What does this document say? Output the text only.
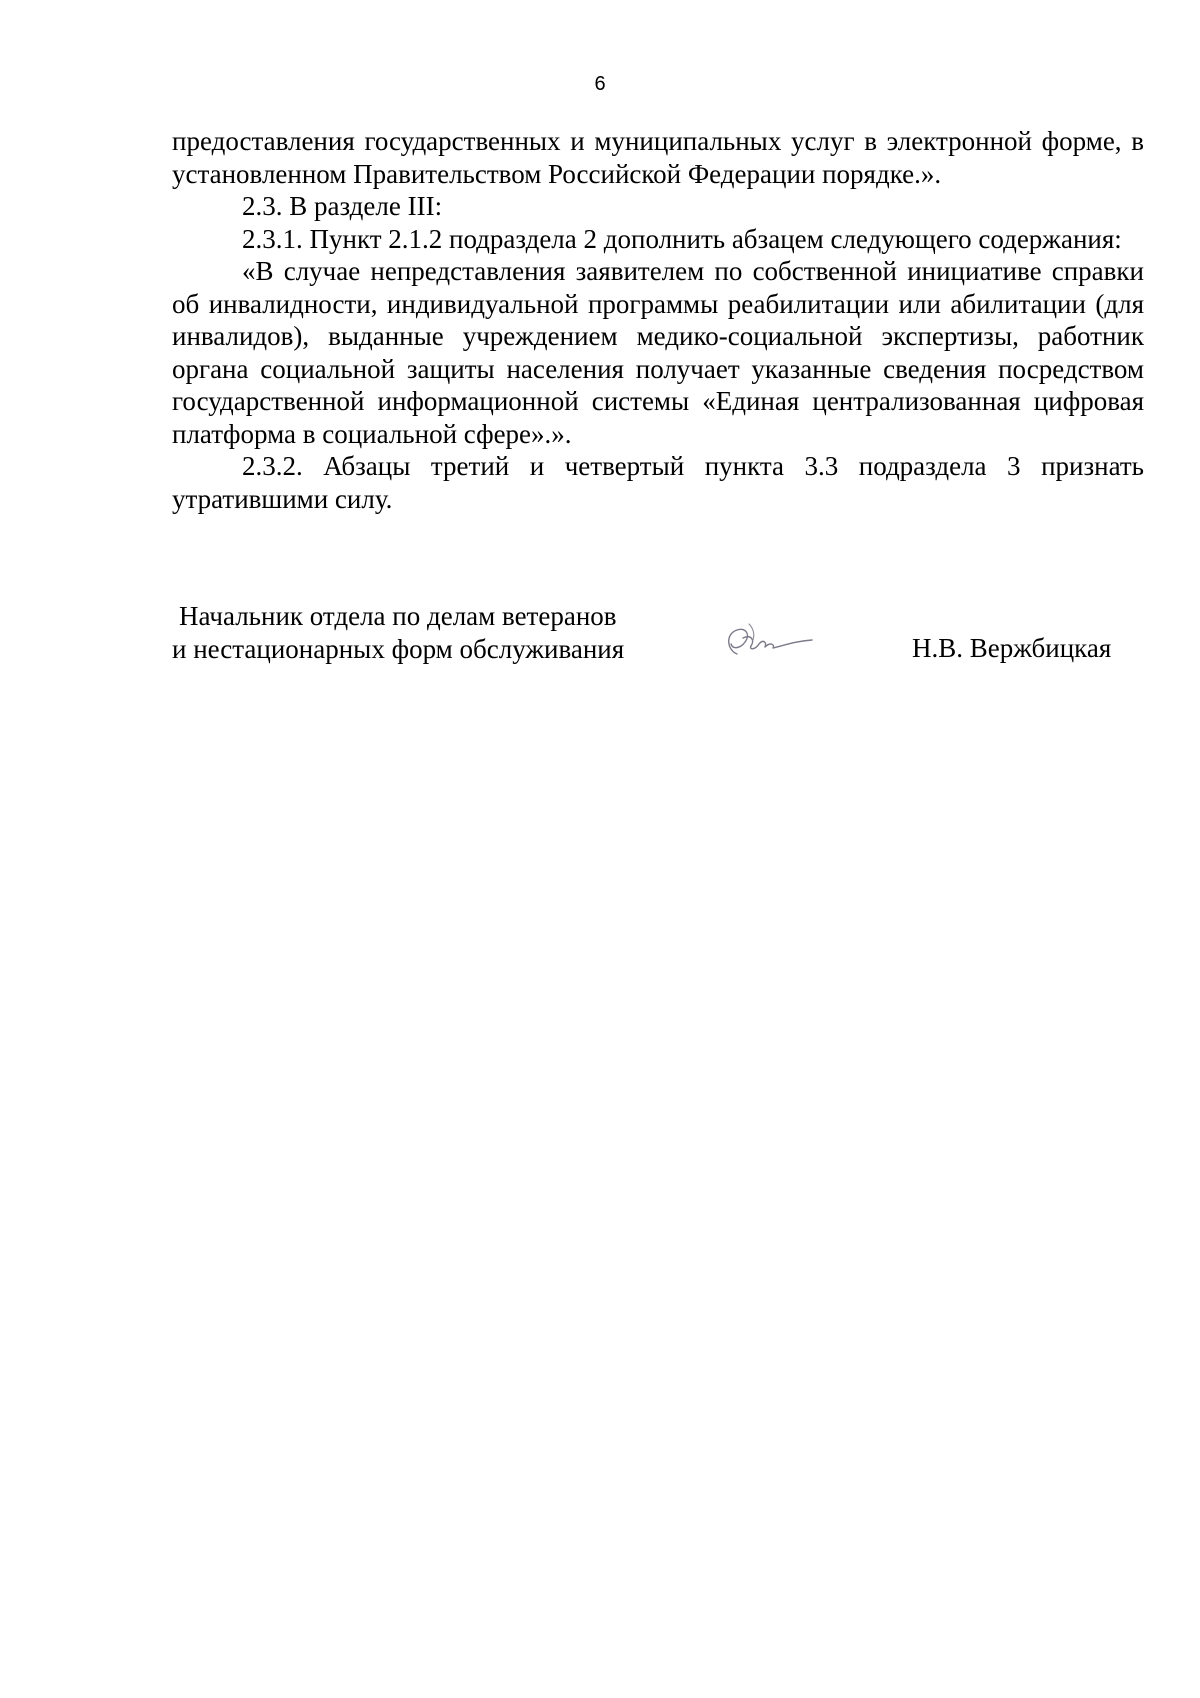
6

предоставления государственных и муниципальных услуг в электронной форме, в установленном Правительством Российской Федерации порядке.».

2.3. В разделе III:

2.3.1. Пункт 2.1.2 подраздела 2 дополнить абзацем следующего содержания:

«В случае непредставления заявителем по собственной инициативе справки об инвалидности, индивидуальной программы реабилитации или абилитации (для инвалидов), выданные учреждением медико-социальной экспертизы, работник органа социальной защиты населения получает указанные сведения посредством государственной информационной системы «Единая централизованная цифровая платформа в социальной сфере».».

2.3.2. Абзацы третий и четвертый пункта 3.3 подраздела 3 признать утратившими силу.

Начальник отдела по делам ветеранов
и нестационарных форм обслуживания	Н.В. Вержбицкая
